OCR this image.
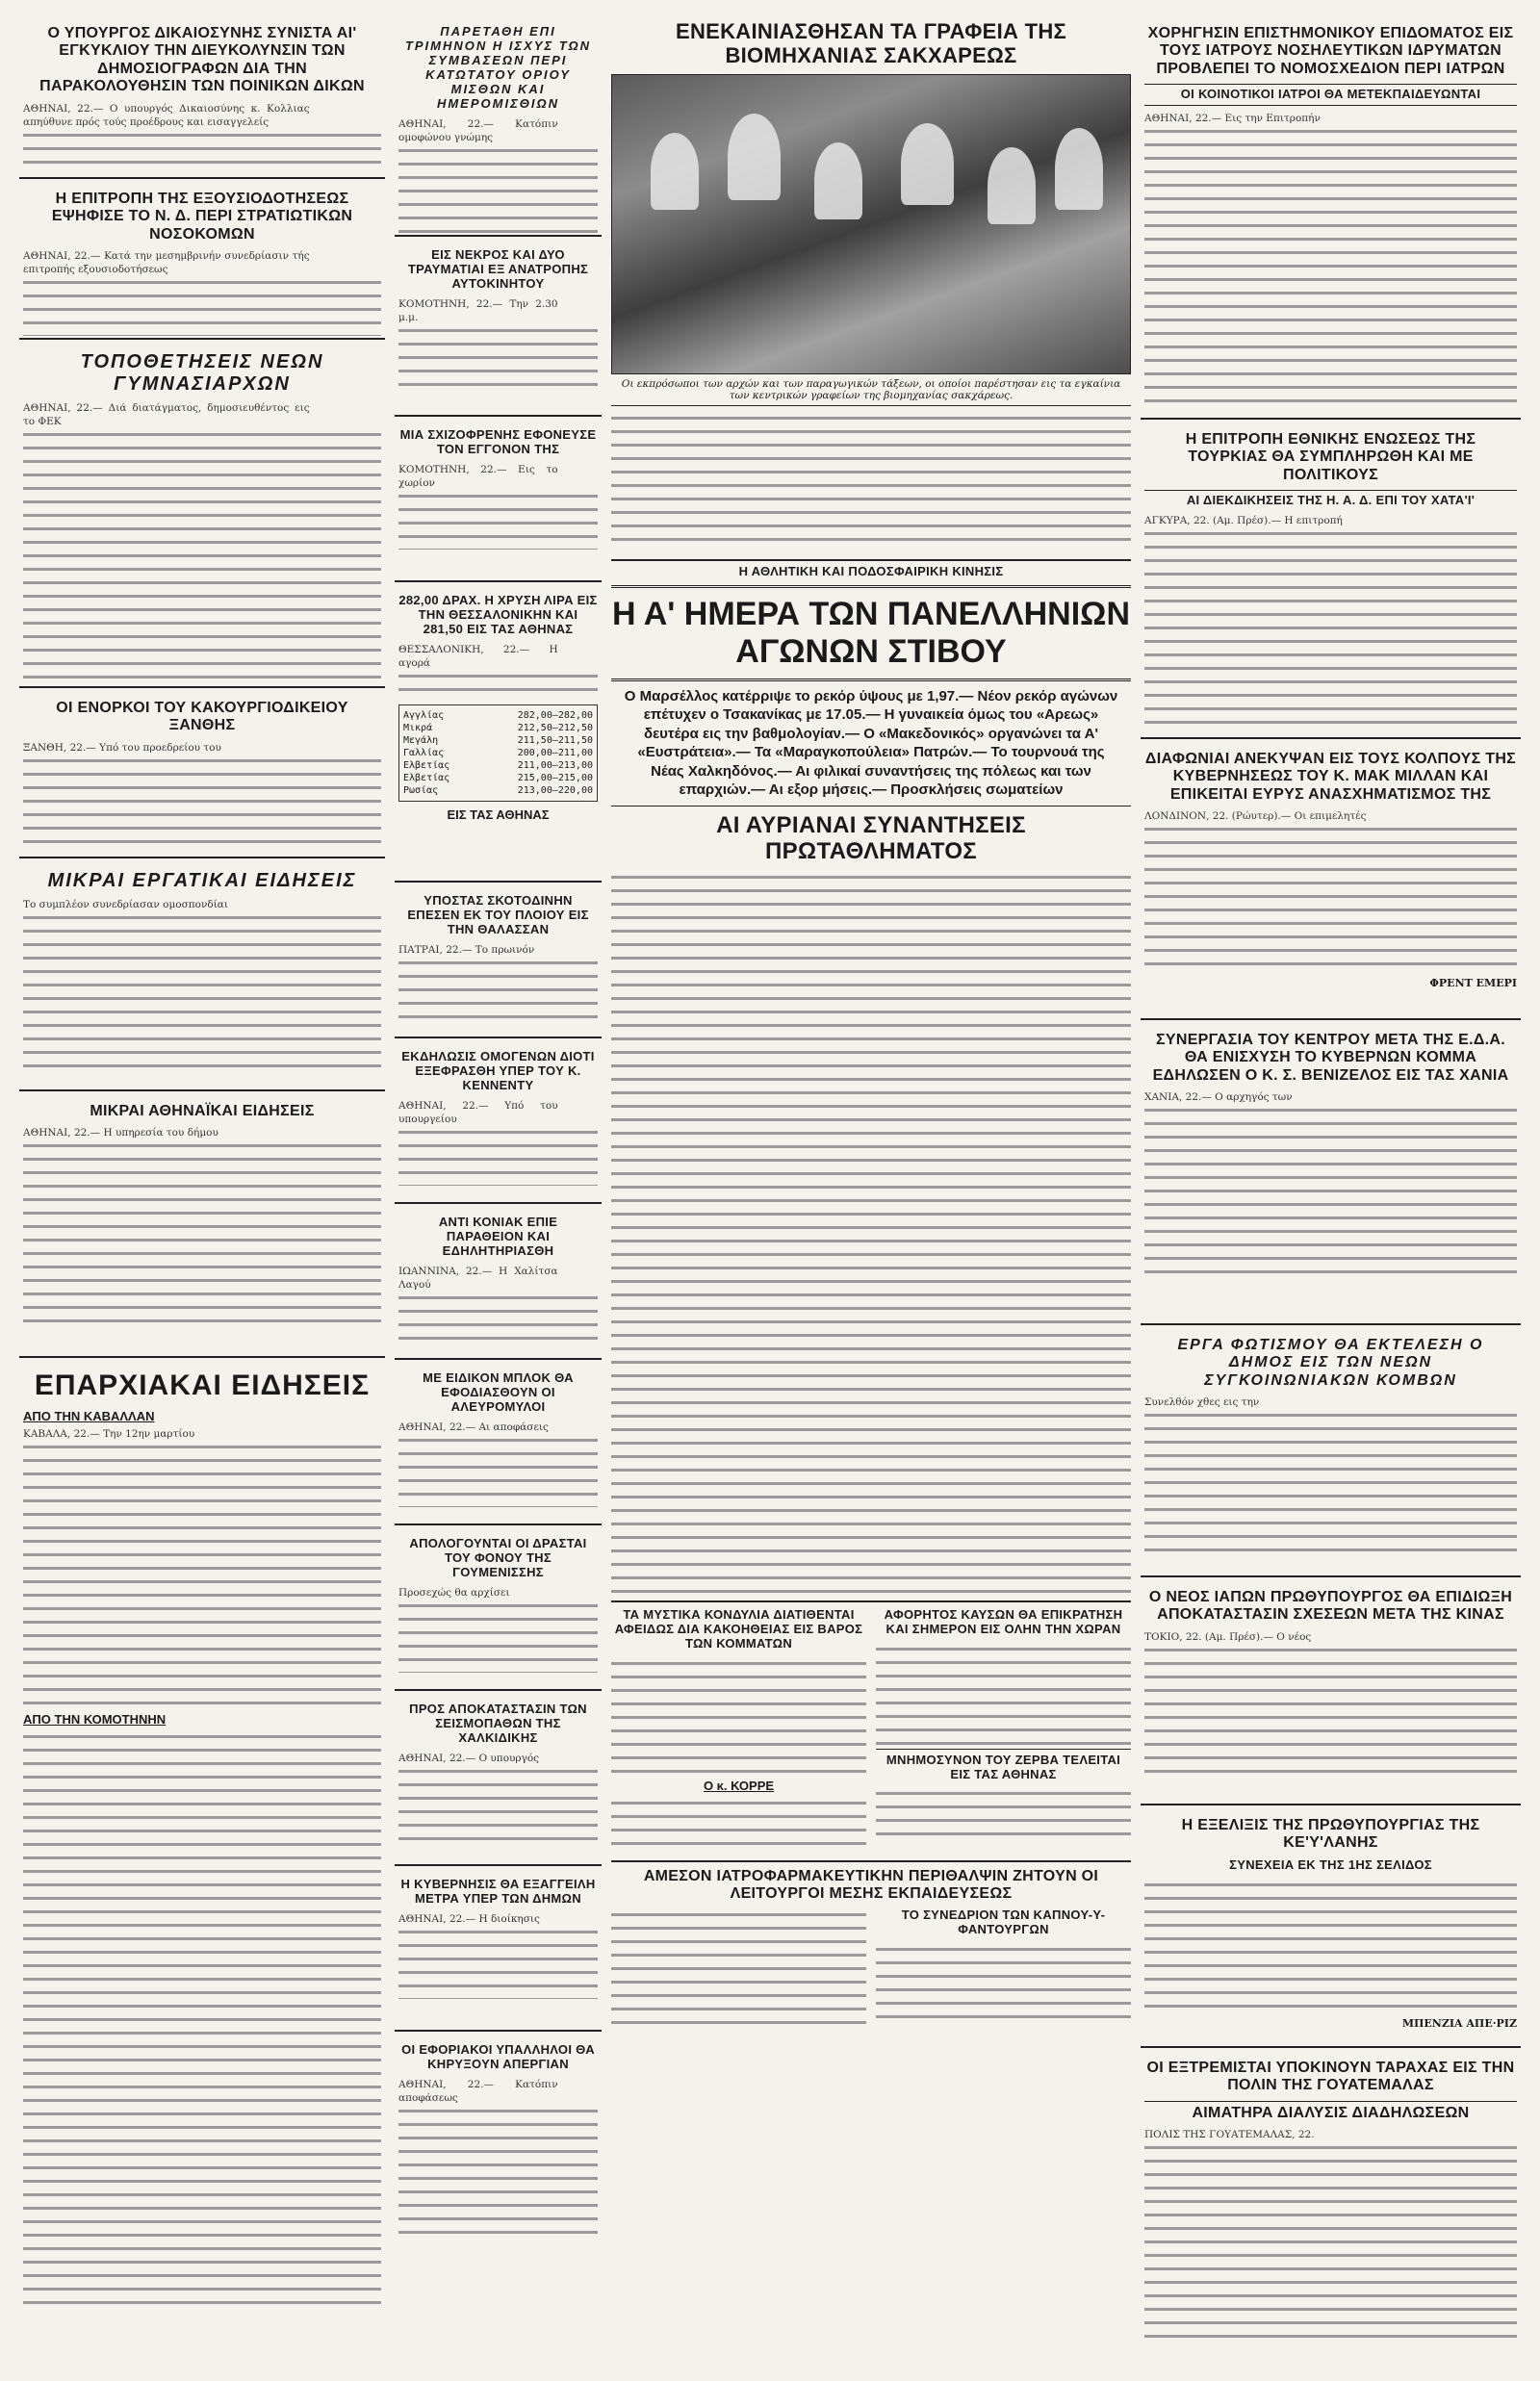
Ο ΥΠΟΥΡΓΟΣ ΔΙΚΑΙΟΣΥΝΗΣ ΣΥΝΙΣΤΑ ΑΙ' ΕΓΚΥΚΛΙΟΥ ΤΗΝ ΔΙΕΥΚΟΛΥΝΣΙΝ ΤΩΝ ΔΗΜΟΣΙΟΓΡΑΦΩΝ ΔΙΑ ΤΗΝ ΠΑΡΑΚΟΛΟΥΘΗΣΙΝ ΤΩΝ ΠΟΙΝΙΚΩΝ ΔΙΚΩΝ
ΑΘΗΝΑΙ, 22.— Ο υπουργός Δικαιοσύνης κ. Κολλιας απηύθυνε πρός τούς προέδρους και εισαγγελείς
Η ΕΠΙΤΡΟΠΗ ΤΗΣ ΕΞΟΥΣΙΟΔΟΤΗΣΕΩΣ ΕΨΗΦΙΣΕ ΤΟ Ν. Δ. ΠΕΡΙ ΣΤΡΑΤΙΩΤΙΚΩΝ ΝΟΣΟΚΟΜΩΝ
ΑΘΗΝΑΙ, 22.— Κατά την μεσημβρινήν συνεδρίασιν τής επιτροπής εξουσιοδοτήσεως
ΤΟΠΟΘΕΤΗΣΕΙΣ ΝΕΩΝ ΓΥΜΝΑΣΙΑΡΧΩΝ
ΑΘΗΝΑΙ, 22.— Διά διατάγματος, δημοσιευθέντος εις το ΦΕΚ
ΟΙ ΕΝΟΡΚΟΙ ΤΟΥ ΚΑΚΟΥΡΓΙΟΔΙΚΕΙΟΥ ΞΑΝΘΗΣ
ΞΑΝΘΗ, 22.— Υπό του προεδρείου του
ΜΙΚΡΑΙ ΕΡΓΑΤΙΚΑΙ ΕΙΔΗΣΕΙΣ
Το συμπλέον συνεδρίασαν ομοσπονδίαι
ΜΙΚΡΑΙ ΑΘΗΝΑΪΚΑΙ ΕΙΔΗΣΕΙΣ
ΑΘΗΝΑΙ, 22.— Η υπηρεσία του δήμου
ΕΠΑΡΧΙΑΚΑΙ ΕΙΔΗΣΕΙΣ
ΑΠΟ ΤΗΝ ΚΑΒΑΛΛΑΝ
ΚΑΒΑΛΑ, 22.— Την 12ην μαρτίου
ΑΠΟ ΤΗΝ ΚΟΜΟΤΗΝΗΝ
ΠΑΡΕΤΑΘΗ ΕΠΙ ΤΡΙΜΗΝΟΝ Η ΙΣΧΥΣ ΤΩΝ ΣΥΜΒΑΣΕΩΝ ΠΕΡΙ ΚΑΤΩΤΑΤΟΥ ΟΡΙΟΥ ΜΙΣΘΩΝ ΚΑΙ ΗΜΕΡΟΜΙΣΘΙΩΝ
ΑΘΗΝΑΙ, 22.— Κατόπιν ομοφώνου γνώμης
ΕΙΣ ΝΕΚΡΟΣ ΚΑΙ ΔΥΟ ΤΡΑΥΜΑΤΙΑΙ ΕΞ ΑΝΑΤΡΟΠΗΣ ΑΥΤΟΚΙΝΗΤΟΥ
ΚΟΜΟΤΗΝΗ, 22.— Την 2.30 μ.μ.
ΜΙΑ ΣΧΙΖΟΦΡΕΝΗΣ ΕΦΟΝΕΥΣΕ ΤΟΝ ΕΓΓΟΝΟΝ ΤΗΣ
ΚΟΜΟΤΗΝΗ, 22.— Εις το χωρίον
282,00 ΔΡΑΧ. Η ΧΡΥΣΗ ΛΙΡΑ ΕΙΣ ΤΗΝ ΘΕΣΣΑΛΟΝΙΚΗΝ ΚΑΙ 281,50 ΕΙΣ ΤΑΣ ΑΘΗΝΑΣ
ΘΕΣΣΑΛΟΝΙΚΗ, 22.— Η αγορά
Αγγλίας	282,00—282,00
Μικρά	212,50—212,50
Μεγάλη	211,50—211,50
Γαλλίας	200,00—211,00
Ελβετίας	211,00—213,00
Ελβετίας	215,00—215,00
Ρωσίας	213,00—220,00
ΕΙΣ ΤΑΣ ΑΘΗΝΑΣ
ΥΠΟΣΤΑΣ ΣΚΟΤΟΔΙΝΗΝ ΕΠΕΣΕΝ ΕΚ ΤΟΥ ΠΛΟΙΟΥ ΕΙΣ ΤΗΝ ΘΑΛΑΣΣΑΝ
ΠΑΤΡΑΙ, 22.— Το πρωινόν
ΕΚΔΗΛΩΣΙΣ ΟΜΟΓΕΝΩΝ ΔΙΟΤΙ ΕΞΕΦΡΑΣΘΗ ΥΠΕΡ ΤΟΥ Κ. ΚΕΝΝΕΝΤΥ
ΑΘΗΝΑΙ, 22.— Υπό του υπουργείου
ΑΝΤΙ ΚΟΝΙΑΚ ΕΠΙΕ ΠΑΡΑΘΕΙΟΝ ΚΑΙ ΕΔΗΛΗΤΗΡΙΑΣΘΗ
ΙΩΑΝΝΙΝΑ, 22.— Η Χαλίτσα Λαγού
ΜΕ ΕΙΔΙΚΟΝ ΜΠΛΟΚ ΘΑ ΕΦΟΔΙΑΣΘΟΥΝ ΟΙ ΑΛΕΥΡΟΜΥΛΟΙ
ΑΘΗΝΑΙ, 22.— Αι αποφάσεις
ΑΠΟΛΟΓΟΥΝΤΑΙ ΟΙ ΔΡΑΣΤΑΙ ΤΟΥ ΦΟΝΟΥ ΤΗΣ ΓΟΥΜΕΝΙΣΣΗΣ
Προσεχώς θα αρχίσει
ΠΡΟΣ ΑΠΟΚΑΤΑΣΤΑΣΙΝ ΤΩΝ ΣΕΙΣΜΟΠΑΘΩΝ ΤΗΣ ΧΑΛΚΙΔΙΚΗΣ
ΑΘΗΝΑΙ, 22.— Ο υπουργός
Η ΚΥΒΕΡΝΗΣΙΣ ΘΑ ΕΞΑΓΓΕΙΛΗ ΜΕΤΡΑ ΥΠΕΡ ΤΩΝ ΔΗΜΩΝ
ΑΘΗΝΑΙ, 22.— Η διοίκησις
ΟΙ ΕΦΟΡΙΑΚΟΙ ΥΠΑΛΛΗΛΟΙ ΘΑ ΚΗΡΥΞΟΥΝ ΑΠΕΡΓΙΑΝ
ΑΘΗΝΑΙ, 22.— Κατόπιν αποφάσεως
ΕΝΕΚΑΙΝΙΑΣΘΗΣΑΝ ΤΑ ΓΡΑΦΕΙΑ ΤΗΣ ΒΙΟΜΗΧΑΝΙΑΣ ΣΑΚΧΑΡΕΩΣ
Οι εκπρόσωποι των αρχών και των παραγωγικών τάξεων, οι οποίοι παρέστησαν εις τα εγκαίνια των κεντρικών γραφείων της βιομηχανίας σακχάρεως.
Η ΑΘΛΗΤΙΚΗ ΚΑΙ ΠΟΔΟΣΦΑΙΡΙΚΗ ΚΙΝΗΣΙΣ
Η Α' ΗΜΕΡΑ ΤΩΝ ΠΑΝΕΛΛΗΝΙΩΝ ΑΓΩΝΩΝ ΣΤΙΒΟΥ
Ο Μαρσέλλος κατέρριψε το ρεκόρ ύψους με 1,97.— Νέον ρεκόρ αγώνων επέτυχεν ο Τσακανίκας με 17.05.— Η γυναικεία όμως του «Αρεως» δευτέρα εις την βαθμολογίαν.— Ο «Μακεδονικός» οργανώνει τα Α' «Ευστράτεια».— Τα «Μαραγκοπούλεια» Πατρών.— Το τουρνουά της Νέας Χαλκηδόνος.— Αι φιλικαί συναντήσεις της πόλεως και των επαρχιών.— Αι εξορ μήσεις.— Προσκλήσεις σωματείων
ΑΙ ΑΥΡΙΑΝΑΙ ΣΥΝΑΝΤΗΣΕΙΣ ΠΡΩΤΑΘΛΗΜΑΤΟΣ
ΤΑ ΜΥΣΤΙΚΑ ΚΟΝΔΥΛΙΑ ΔΙΑΤΙΘΕΝΤΑΙ ΑΦΕΙΔΩΣ ΔΙΑ ΚΑΚΟΗΘΕΙΑΣ ΕΙΣ ΒΑΡΟΣ ΤΩΝ ΚΟΜΜΑΤΩΝ
Ο κ. ΚΟΡΡΕ
ΑΦΟΡΗΤΟΣ ΚΑΥΣΩΝ ΘΑ ΕΠΙΚΡΑΤΗΣΗ ΚΑΙ ΣΗΜΕΡΟΝ ΕΙΣ ΟΛΗΝ ΤΗΝ ΧΩΡΑΝ
ΜΝΗΜΟΣΥΝΟΝ ΤΟΥ ΖΕΡΒΑ ΤΕΛΕΙΤΑΙ ΕΙΣ ΤΑΣ ΑΘΗΝΑΣ
ΑΜΕΣΟΝ ΙΑΤΡΟΦΑΡΜΑΚΕΥΤΙΚΗΝ ΠΕΡΙΘΑΛΨΙΝ ΖΗΤΟΥΝ ΟΙ ΛΕΙΤΟΥΡΓΟΙ ΜΕΣΗΣ ΕΚΠΑΙΔΕΥΣΕΩΣ
ΤΟ ΣΥΝΕΔΡΙΟΝ ΤΩΝ ΚΑΠΝΟΥ-Υ-ΦΑΝΤΟΥΡΓΩΝ
ΧΟΡΗΓΗΣΙΝ ΕΠΙΣΤΗΜΟΝΙΚΟΥ ΕΠΙΔΟΜΑΤΟΣ ΕΙΣ ΤΟΥΣ ΙΑΤΡΟΥΣ ΝΟΣΗΛΕΥΤΙΚΩΝ ΙΔΡΥΜΑΤΩΝ ΠΡΟΒΛΕΠΕΙ ΤΟ ΝΟΜΟΣΧΕΔΙΟΝ ΠΕΡΙ ΙΑΤΡΩΝ
ΟΙ ΚΟΙΝΟΤΙΚΟΙ ΙΑΤΡΟΙ ΘΑ ΜΕΤΕΚΠΑΙΔΕΥΩΝΤΑΙ
ΑΘΗΝΑΙ, 22.— Εις την Επιτροπήν
Η ΕΠΙΤΡΟΠΗ ΕΘΝΙΚΗΣ ΕΝΩΣΕΩΣ ΤΗΣ ΤΟΥΡΚΙΑΣ ΘΑ ΣΥΜΠΛΗΡΩΘΗ ΚΑΙ ΜΕ ΠΟΛΙΤΙΚΟΥΣ
ΑΙ ΔΙΕΚΔΙΚΗΣΕΙΣ ΤΗΣ Η. Α. Δ. ΕΠΙ ΤΟΥ ΧΑΤΑ'Ι'
ΑΓΚΥΡΑ, 22. (Αμ. Πρέσ).— Η επιτροπή
ΔΙΑΦΩΝΙΑΙ ΑΝΕΚΥΨΑΝ ΕΙΣ ΤΟΥΣ ΚΟΛΠΟΥΣ ΤΗΣ ΚΥΒΕΡΝΗΣΕΩΣ ΤΟΥ Κ. ΜΑΚ ΜΙΛΛΑΝ ΚΑΙ ΕΠΙΚΕΙΤΑΙ ΕΥΡΥΣ ΑΝΑΣΧΗΜΑΤΙΣΜΟΣ ΤΗΣ
ΛΟΝΔΙΝΟΝ, 22. (Ρώυτερ).— Οι επιμελητές
ΦΡΕΝΤ ΕΜΕΡΙ
ΣΥΝΕΡΓΑΣΙΑ ΤΟΥ ΚΕΝΤΡΟΥ ΜΕΤΑ ΤΗΣ Ε.Δ.Α. ΘΑ ΕΝΙΣΧΥΣΗ ΤΟ ΚΥΒΕΡΝΩΝ ΚΟΜΜΑ ΕΔΗΛΩΣΕΝ Ο Κ. Σ. ΒΕΝΙΖΕΛΟΣ ΕΙΣ ΤΑΣ ΧΑΝΙΑ
ΧΑΝΙΑ, 22.— Ο αρχηγός των
ΕΡΓΑ ΦΩΤΙΣΜΟΥ ΘΑ ΕΚΤΕΛΕΣΗ Ο ΔΗΜΟΣ ΕΙΣ ΤΩΝ ΝΕΩΝ ΣΥΓΚΟΙΝΩΝΙΑΚΩΝ ΚΟΜΒΩΝ
Συνελθόν χθες εις την
Ο ΝΕΟΣ ΙΑΠΩΝ ΠΡΩΘΥΠΟΥΡΓΟΣ ΘΑ ΕΠΙΔΙΩΞΗ ΑΠΟΚΑΤΑΣΤΑΣΙΝ ΣΧΕΣΕΩΝ ΜΕΤΑ ΤΗΣ ΚΙΝΑΣ
ΤΟΚΙΟ, 22. (Αμ. Πρέσ).— Ο νέος
Η ΕΞΕΛΙΞΙΣ ΤΗΣ ΠΡΩΘΥΠΟΥΡΓΙΑΣ ΤΗΣ ΚΕ'Υ'ΛΑΝΗΣ
ΣΥΝΕΧΕΙΑ ΕΚ ΤΗΣ 1ΗΣ ΣΕΛΙΔΟΣ
ΜΠΕΝΖΙΑ ΑΠΕ·ΡΙΖ
ΟΙ ΕΞΤΡΕΜΙΣΤΑΙ ΥΠΟΚΙΝΟΥΝ ΤΑΡΑΧΑΣ ΕΙΣ ΤΗΝ ΠΟΛΙΝ ΤΗΣ ΓΟΥΑΤΕΜΑΛΑΣ
ΑΙΜΑΤΗΡΑ ΔΙΑΛΥΣΙΣ ΔΙΑΔΗΛΩΣΕΩΝ
ΠΟΛΙΣ ΤΗΣ ΓΟΥΑΤΕΜΑΛΑΣ, 22.
